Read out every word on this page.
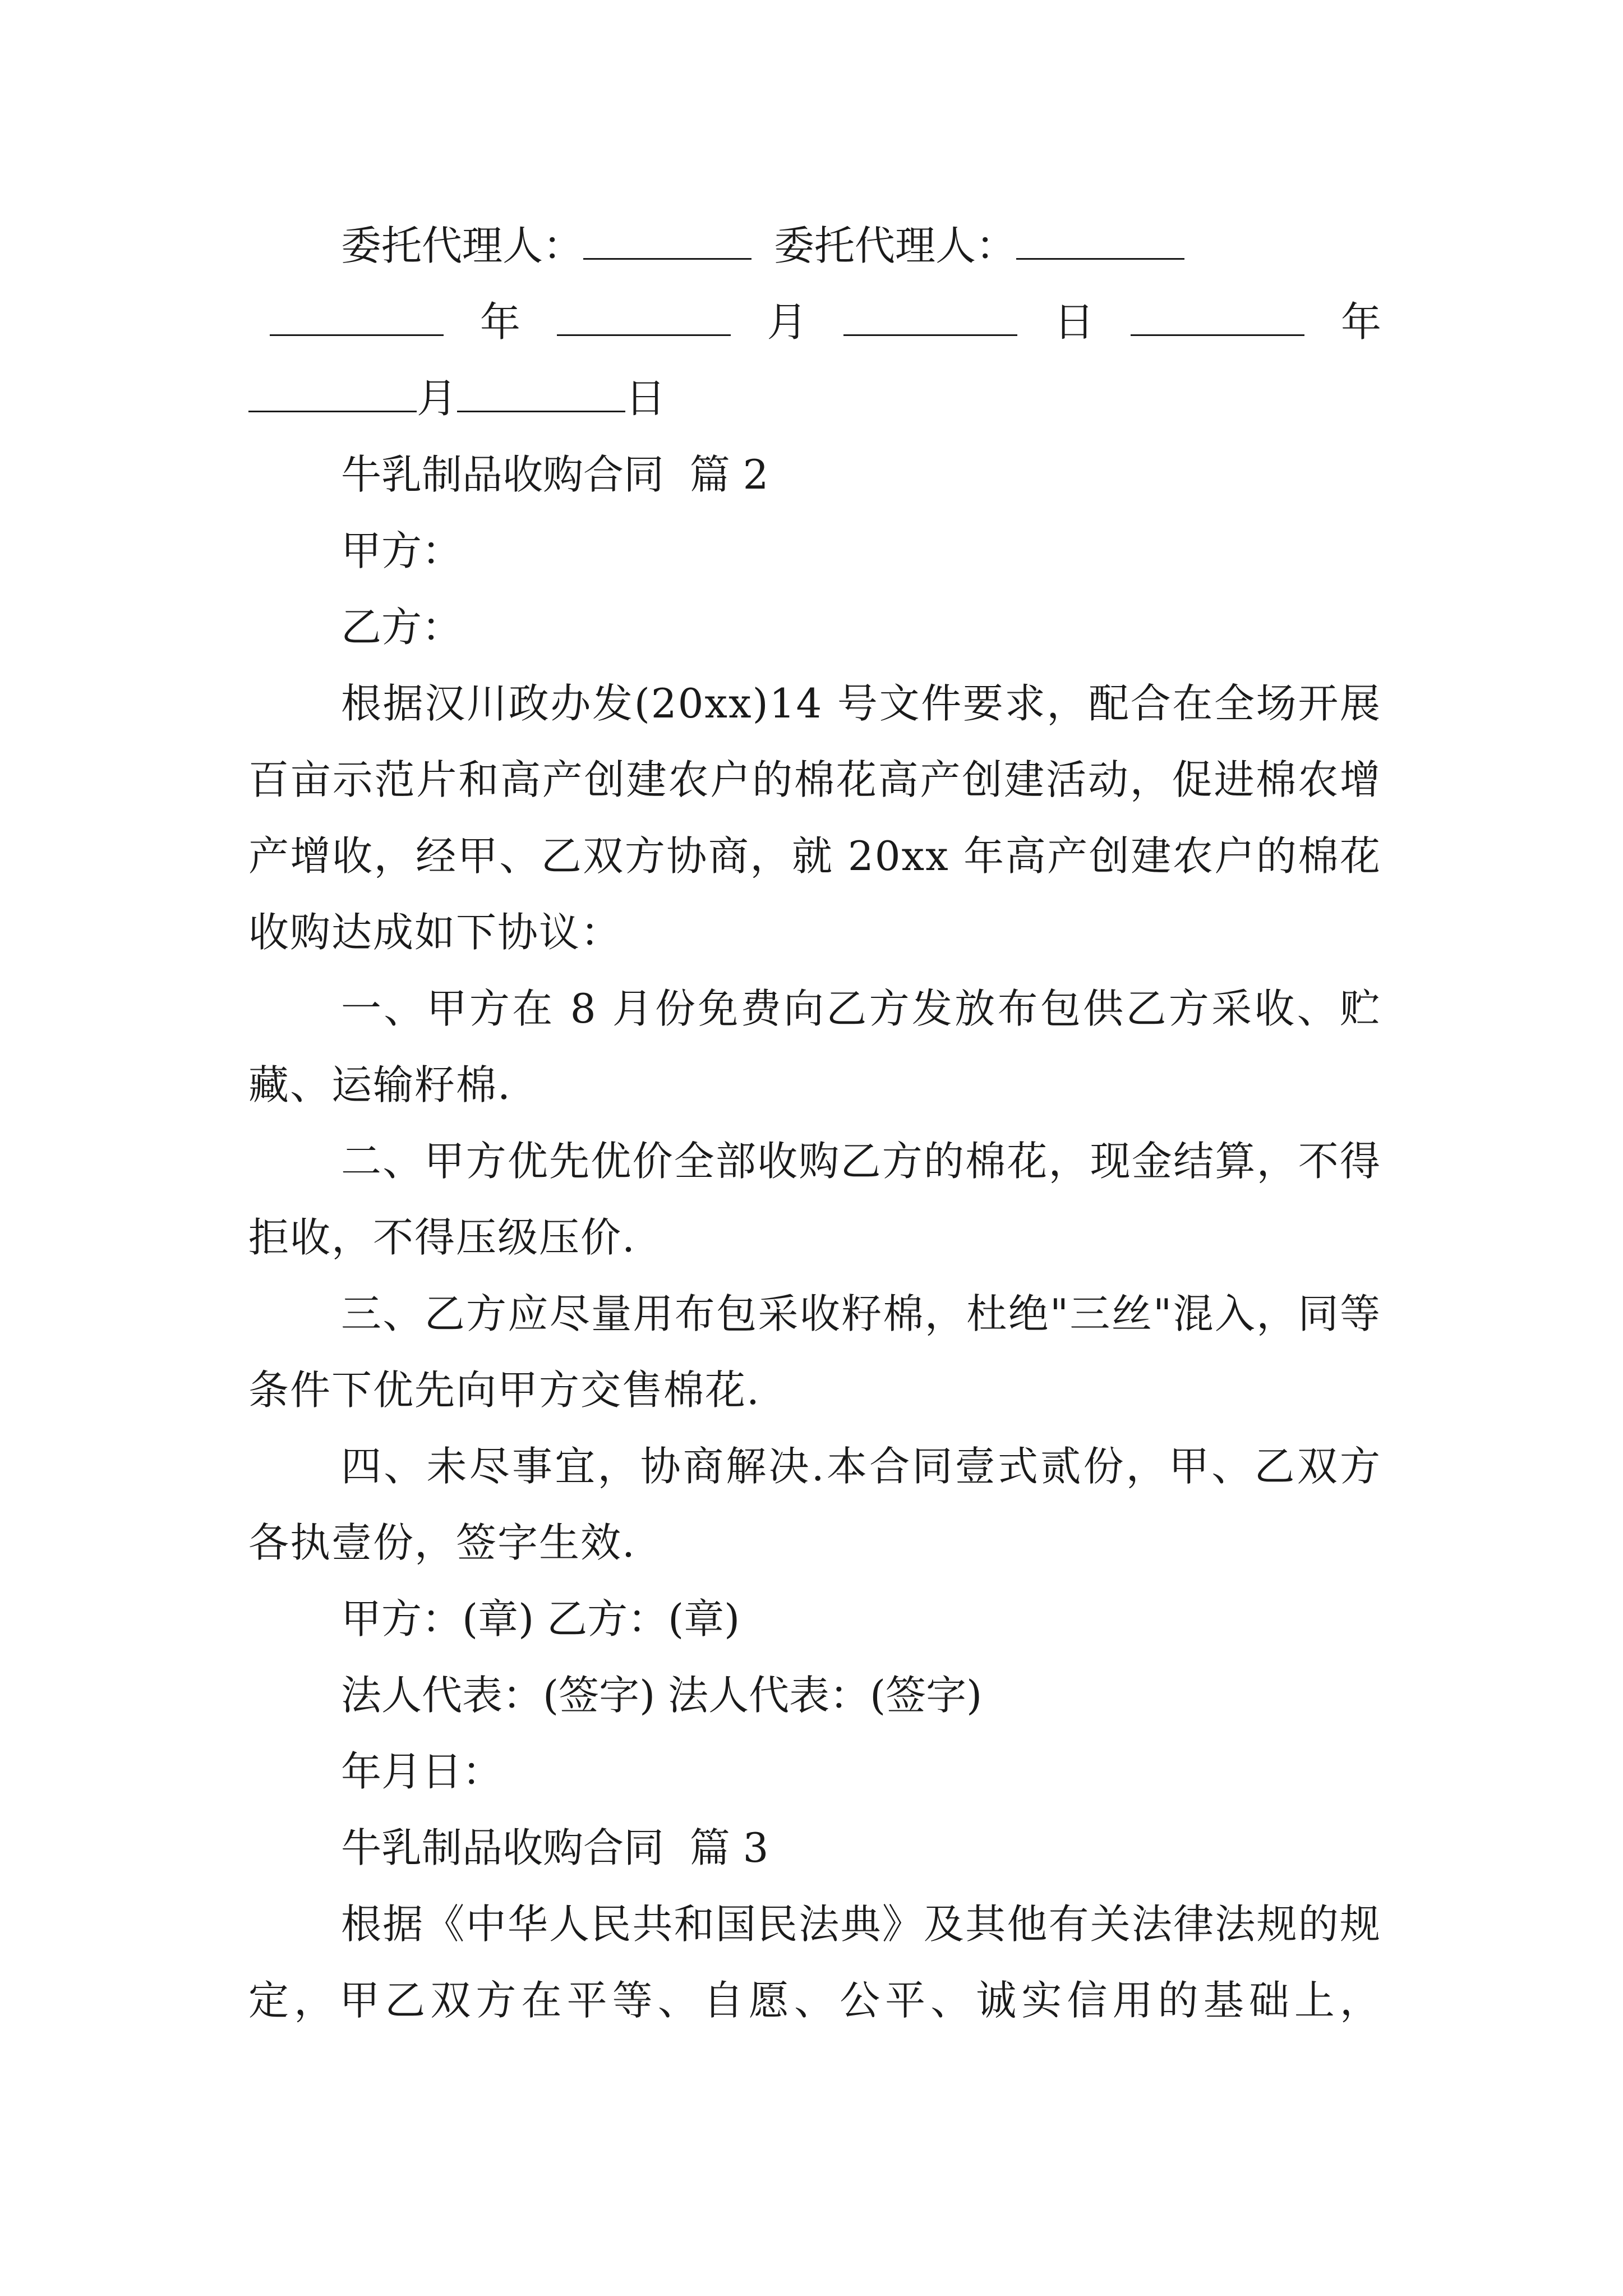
委托代理人：	委托代理人：
年	月	日	年
月	日
牛乳制品收购合同  篇 2
甲方：
乙方：

根据汉川政办发(20xx)14 号文件要求，配合在全场开展百亩示范片和高产创建农户的棉花高产创建活动，促进棉农增产增收，经甲、乙双方协商，就 20xx 年高产创建农户的棉花收购达成如下协议：

一、甲方在 8 月份免费向乙方发放布包供乙方采收、贮藏、运输籽棉.

二、甲方优先优价全部收购乙方的棉花，现金结算，不得拒收，不得压级压价.

三、乙方应尽量用布包采收籽棉，杜绝"三丝"混入，同等条件下优先向甲方交售棉花.

四、未尽事宜，协商解决.本合同壹式贰份，甲、乙双方各执壹份，签字生效.

甲方：(章) 乙方：(章)
法人代表：(签字) 法人代表：(签字)
年月日：
牛乳制品收购合同  篇 3

根据《中华人民共和国民法典》及其他有关法律法规的规定，甲乙双方在平等、自愿、公平、诚实信用的基础上，
